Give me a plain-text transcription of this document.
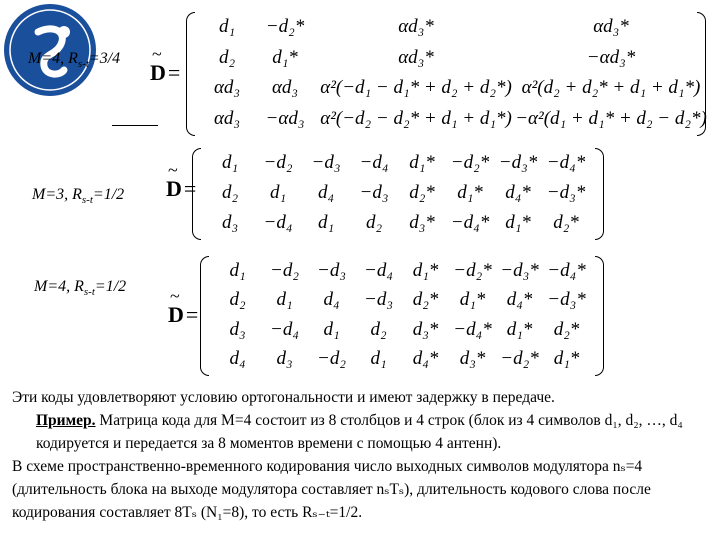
M=4, $R_{s-t}=3/4$
M=3, $R_{s-t}=1/2$
M=4, $R_{s-t}=1/2$
~
D=
d₁	−d₂*	αd₃*	αd₃*
d₂	d₁*	αd₃*	−αd₃*
αd₃	αd₃	α²(−d₁ − d₁* + d₂ + d₂*) α²(d₂ + d₂* + d₁ + d₁*)
αd₃	−αd₃ α²(−d₂ − d₂* + d₁ + d₁*) −α²(d₁ + d₁* + d₂ − d₂*)
~
D=
d₁	−d₂	−d₃	−d₄	d₁* −d₂* −d₃* −d₄*
d₂	d₁	d₄	−d₃	d₂*	d₁*	d₄* −d₃*
d₃	−d₄	d₁	d₂	d₃* −d₄* d₁*	d₂*
~
D=
d₁	−d₂ −d₃ −d₄	d₁* −d₂* −d₃* −d₄*
d₂	d₁	d₄	−d₃	d₂*	d₁*	d₄* −d₃*
d₃	−d₄	d₁	d₂	d₃* −d₄* d₁*	d₂*
d₄	d₃	−d₂	d₁	d₄*	d₃* −d₂* d₁*

Эти коды удовлетворяют условию ортогональности и имеют задержку в передаче.

Пример. Матрица кода для M=4 состоит из 8 столбцов и 4 строк (блок из 4 символов d₁, d₂, …, d₄ кодируется и передается за 8 моментов времени с помощью 4 антенн).

В схеме пространственно-временного кодирования число выходных символов модулятора nₛ=4 (длительность блока на выходе модулятора составляет nₛTₛ), длительность кодового слова после кодирования составляет 8Tₛ (N₁=8), то есть Rₛ₋ₜ=1/2.
